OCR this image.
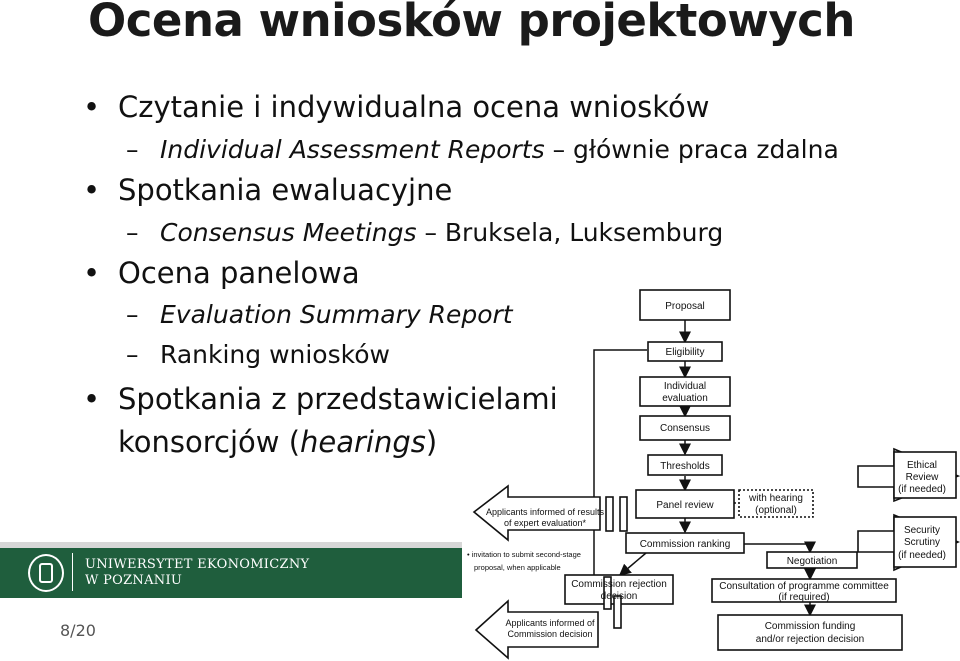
Ocena wniosków projektowych
• Czytanie i indywidualna ocena wniosków
– Individual Assessment Reports – głównie praca zdalna
• Spotkania ewaluacyjne
– Consensus Meetings – Bruksela, Luksemburg
• Ocena panelowa
– Evaluation Summary Report
– Ranking wniosków
• Spotkania z przedstawicielami
konsorcjów (hearings)
UNIWERSYTET EKONOMICZNY
W POZNANIU
8/20
Proposal
Eligibility
Individual
evaluation
Consensus
Thresholds
Panel review
with hearing
(optional)
Commission ranking
Negotiation
Commission rejection
decision
Consultation of programme committee
(if required)
Commission funding
and/or rejection decision
Applicants informed of results
of expert evaluation*
Applicants informed of
Commission decision
• invitation to submit second-stage
proposal, when applicable
Ethical
Review
(if needed)
Security
Scrutiny
(if needed)
